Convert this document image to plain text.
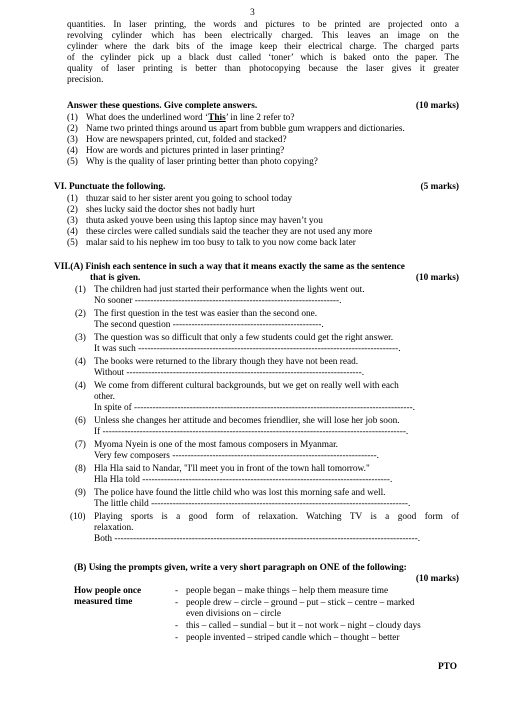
3
quantities. In laser printing, the words and pictures to be printed are projected onto a
revolving cylinder which has been electrically charged. This leaves an image on the
cylinder where the dark bits of the image keep their electrical charge. The charged parts
of the cylinder pick up a black dust called ‘toner’ which is baked onto the paper. The
quality of laser printing is better than photocopying because the laser gives it greater
precision.
Answer these questions. Give complete answers.	(10 marks)
(1) What does the underlined word ‘This’ in line 2 refer to?
(2) Name two printed things around us apart from bubble gum wrappers and dictionaries.
(3) How are newspapers printed, cut, folded and stacked?
(4) How are words and pictures printed in laser printing?
(5) Why is the quality of laser printing better than photo copying?
VI. Punctuate the following.	(5 marks)
(1) thuzar said to her sister arent you going to school today
(2) shes lucky said the doctor shes not badly hurt
(3) thuta asked youve been using this laptop since may haven’t you
(4) these circles were called sundials said the teacher they are not used any more
(5) malar said to his nephew im too busy to talk to you now come back later
VII.(A) Finish each sentence in such a way that it means exactly the same as the sentence
that is given.	(10 marks)
(1) The children had just started their performance when the lights went out.
No sooner ------------------------------------------------------------------.
(2) The first question in the test was easier than the second one.
The second question ------------------------------------------------.
(3) The question was so difficult that only a few students could get the right answer.
It was such ------------------------------------------------------------------------------------.
(4) The books were returned to the library though they have not been read.
Without ----------------------------------------------------------------------------.
(4) We come from different cultural backgrounds, but we get on really well with each
other.
In spite of ------------------------------------------------------------------------------------------.
(6) Unless she changes her attitude and becomes friendlier, she will lose her job soon.
If --------------------------------------------------------------------------------------------------.
(7) Myoma Nyein is one of the most famous composers in Myanmar.
Very few composers ------------------------------------------------------------------.
(8) Hla Hla said to Nandar, "I'll meet you in front of the town hall tomorrow."
Hla Hla told --------------------------------------------------------------------------------.
(9) The police have found the little child who was lost this morning safe and well.
The little child -----------------------------------------------------------------------------------.
(10) Playing sports is a good form of relaxation. Watching TV is a good form of
relaxation.
Both --------------------------------------------------------------------------------------------------.
(B) Using the prompts given, write a very short paragraph on ONE of the following:
(10 marks)
How people once
measured time
- people began – make things – help them measure time
- people drew – circle – ground – put – stick – centre – marked
even divisions on – circle
- this – called – sundial – but it – not work – night – cloudy days
- people invented – striped candle which – thought – better
PTO
